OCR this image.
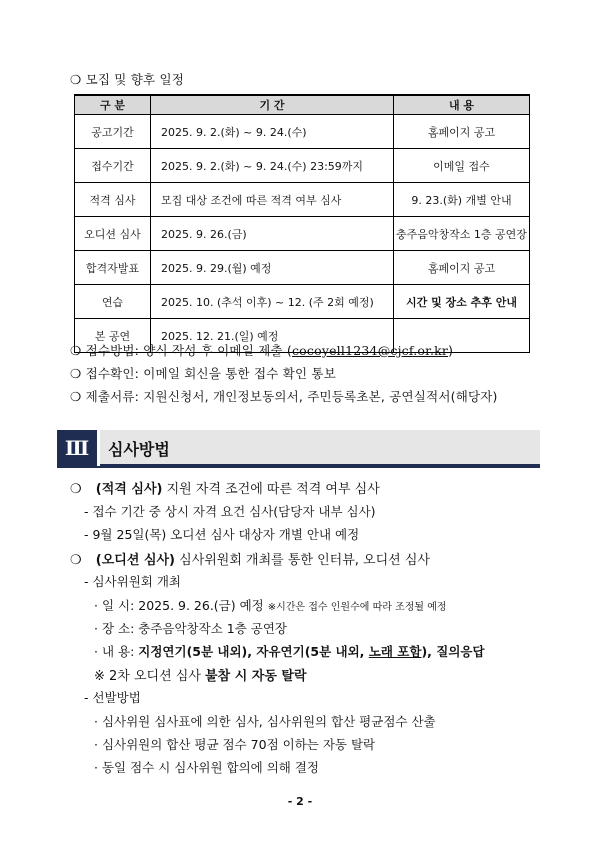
❍ 모집 및 향후 일정
구 분	기 간	내 용
공고기간	2025. 9. 2.(화) ~ 9. 24.(수)	홈페이지 공고
접수기간	2025. 9. 2.(화) ~ 9. 24.(수) 23:59까지	이메일 접수
적격 심사	모집 대상 조건에 따른 적격 여부 심사	9. 23.(화) 개별 안내
오디션 심사	2025. 9. 26.(금)	충주음악창작소 1층 공연장
합격자발표	2025. 9. 29.(월) 예정	홈페이지 공고
연습	2025. 10. (추석 이후) ~ 12. (주 2회 예정)	시간 및 장소 추후 안내
본 공연	2025. 12. 21.(일) 예정	
❍ 접수방법: 양식 작성 후 이메일 제출 (cocoyell1234@cjcf.or.kr)
❍ 접수확인: 이메일 회신을 통한 접수 확인 통보
❍ 제출서류: 지원신청서, 개인정보동의서, 주민등록초본, 공연실적서(해당자)
Ⅲ	심사방법
❍ (적격 심사) 지원 자격 조건에 따른 적격 여부 심사
- 접수 기간 중 상시 자격 요건 심사(담당자 내부 심사)
- 9월 25일(목) 오디션 심사 대상자 개별 안내 예정
❍ (오디션 심사) 심사위원회 개최를 통한 인터뷰, 오디션 심사
- 심사위원회 개최
· 일 시: 2025. 9. 26.(금) 예정 ※시간은 접수 인원수에 따라 조정될 예정
· 장 소: 충주음악창작소 1층 공연장
· 내 용: 지정연기(5분 내외), 자유연기(5분 내외, 노래 포함), 질의응답
※ 2차 오디션 심사 불참 시 자동 탈락
- 선발방법
· 심사위원 심사표에 의한 심사, 심사위원의 합산 평균점수 산출
· 심사위원의 합산 평균 점수 70점 이하는 자동 탈락
· 동일 점수 시 심사위원 합의에 의해 결정
- 2 -
